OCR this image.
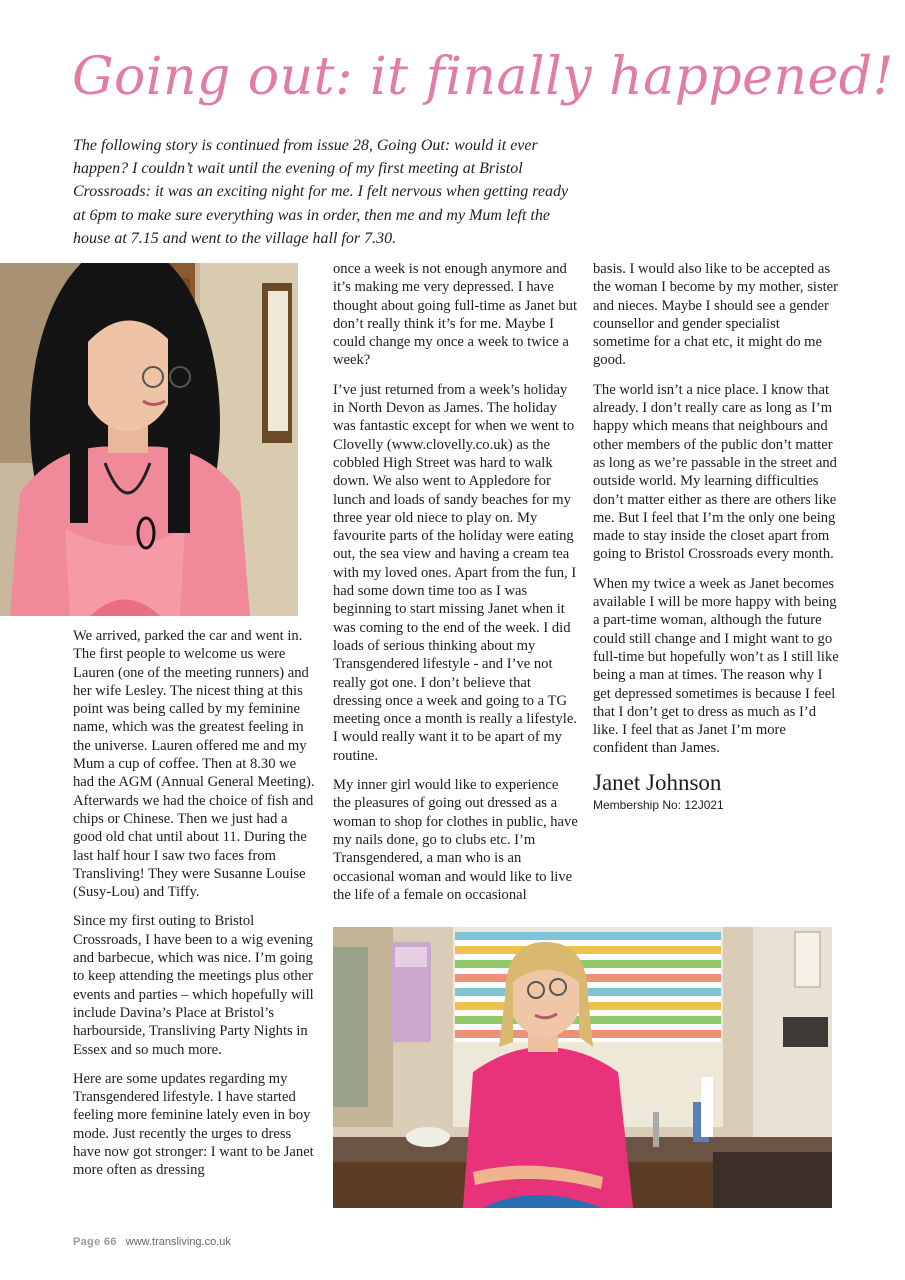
Going out: it finally happened!
The following story is continued from issue 28, Going Out: would it ever happen? I couldn’t wait until the evening of my first meeting at Bristol Crossroads: it was an exciting night for me. I felt nervous when getting ready at 6pm to make sure everything was in order, then me and my Mum left the house at 7.15 and went to the village hall for 7.30.

We arrived, parked the car and went in. The first people to welcome us were Lauren (one of the meeting runners) and her wife Lesley. The nicest thing at this point was being called by my feminine name, which was the greatest feeling in the universe. Lauren offered me and my Mum a cup of coffee. Then at 8.30 we had the AGM (Annual General Meeting). Afterwards we had the choice of fish and chips or Chinese. Then we just had a good old chat until about 11. During the last half hour I saw two faces from Transliving! They were Susanne Louise (Susy-Lou) and Tiffy.

Since my first outing to Bristol Crossroads, I have been to a wig evening and barbecue, which was nice. I’m going to keep attending the meetings plus other events and parties – which hopefully will include Davina’s Place at Bristol’s harbourside, Transliving Party Nights in Essex and so much more.

Here are some updates regarding my Transgendered lifestyle. I have started feeling more feminine lately even in boy mode. Just recently the urges to dress have now got stronger: I want to be Janet more often as dressing

once a week is not enough anymore and it’s making me very depressed. I have thought about going full-time as Janet but don’t really think it’s for me. Maybe I could change my once a week to twice a week?

I’ve just returned from a week’s holiday in North Devon as James. The holiday was fantastic except for when we went to Clovelly (www.clovelly.co.uk) as the cobbled High Street was hard to walk down. We also went to Appledore for lunch and loads of sandy beaches for my three year old niece to play on. My favourite parts of the holiday were eating out, the sea view and having a cream tea with my loved ones. Apart from the fun, I had some down time too as I was beginning to start missing Janet when it was coming to the end of the week. I did loads of serious thinking about my Transgendered lifestyle - and I’ve not really got one. I don’t believe that dressing once a week and going to a TG meeting once a month is really a lifestyle. I would really want it to be apart of my routine.

My inner girl would like to experience the pleasures of going out dressed as a woman to shop for clothes in public, have my nails done, go to clubs etc. I’m Transgendered, a man who is an occasional woman and would like to live the life of a female on occasional

basis. I would also like to be accepted as the woman I become by my mother, sister and nieces. Maybe I should see a gender counsellor and gender specialist sometime for a chat etc, it might do me good.

The world isn’t a nice place. I know that already. I don’t really care as long as I’m happy which means that neighbours and other members of the public don’t matter as long as we’re passable in the street and outside world. My learning difficulties don’t matter either as there are others like me. But I feel that I’m the only one being made to stay inside the closet apart from going to Bristol Crossroads every month.

When my twice a week as Janet becomes available I will be more happy with being a part-time woman, although the future could still change and I might want to go full-time but hopefully won’t as I still like being a man at times. The reason why I get depressed sometimes is because I feel that I don’t get to dress as much as I’d like. I feel that as Janet I’m more confident than James.

Janet Johnson
Membership No: 12J021
Page 66 www.transliving.co.uk
